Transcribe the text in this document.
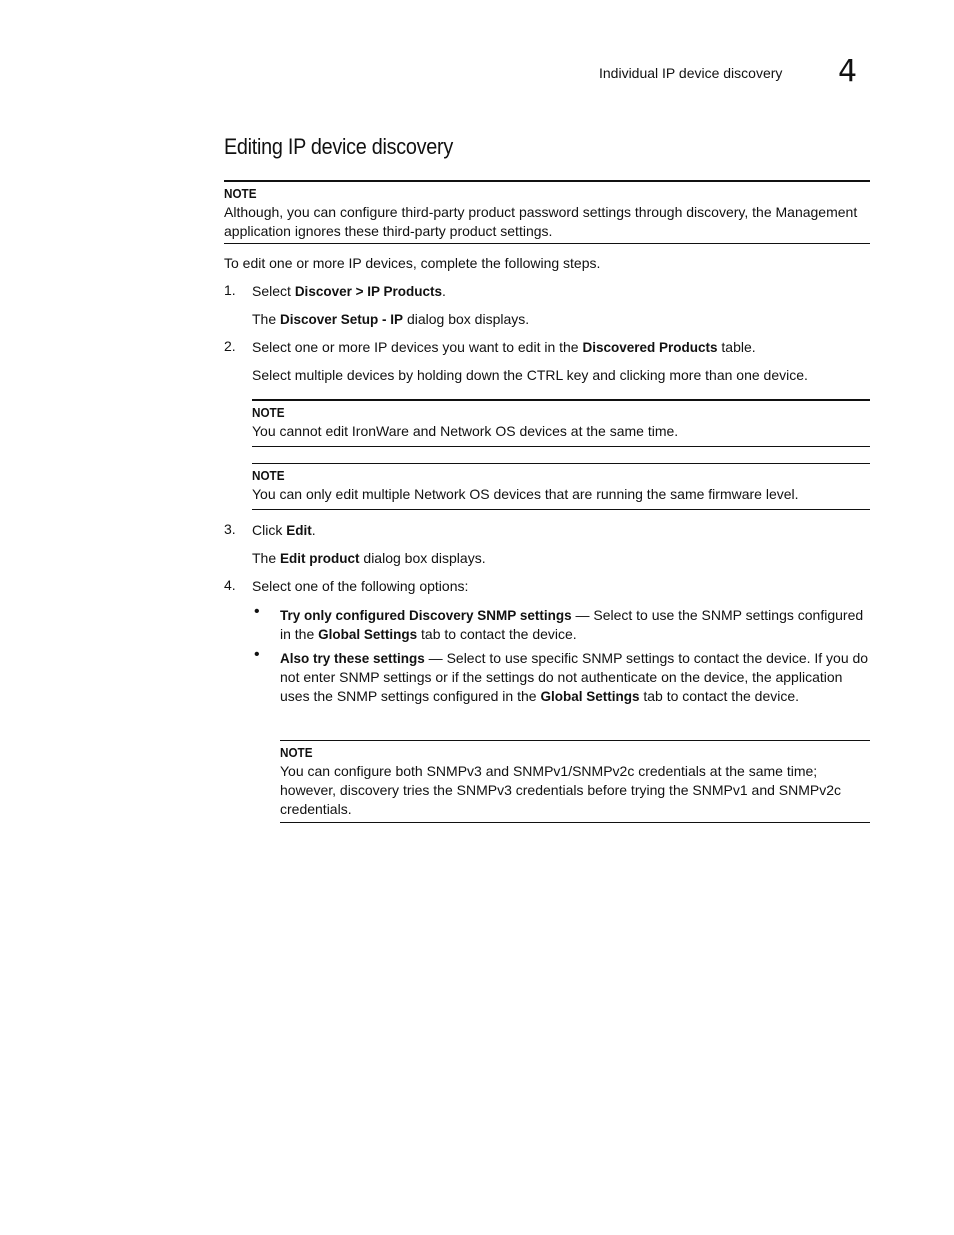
Individual IP device discovery 4
Editing IP device discovery
NOTE
Although, you can configure third-party product password settings through discovery, the Management application ignores these third-party product settings.
To edit one or more IP devices, complete the following steps.
1. Select Discover > IP Products.
The Discover Setup - IP dialog box displays.
2. Select one or more IP devices you want to edit in the Discovered Products table.
Select multiple devices by holding down the CTRL key and clicking more than one device.
NOTE
You cannot edit IronWare and Network OS devices at the same time.
NOTE
You can only edit multiple Network OS devices that are running the same firmware level.
3. Click Edit.
The Edit product dialog box displays.
4. Select one of the following options:
• Try only configured Discovery SNMP settings — Select to use the SNMP settings configured in the Global Settings tab to contact the device.
• Also try these settings — Select to use specific SNMP settings to contact the device. If you do not enter SNMP settings or if the settings do not authenticate on the device, the application uses the SNMP settings configured in the Global Settings tab to contact the device.
NOTE
You can configure both SNMPv3 and SNMPv1/SNMPv2c credentials at the same time; however, discovery tries the SNMPv3 credentials before trying the SNMPv1 and SNMPv2c credentials.
